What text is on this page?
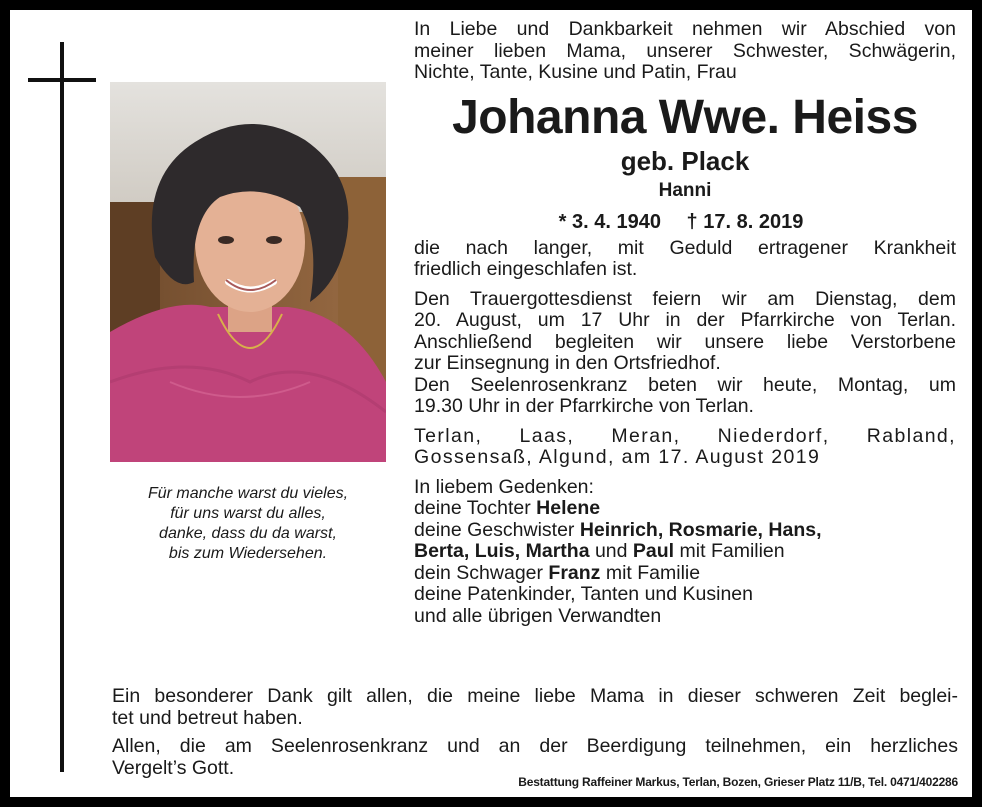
Für manche warst du vieles,
für uns warst du alles,
danke, dass du da warst,
bis zum Wiedersehen.
In Liebe und Dankbarkeit nehmen wir Abschied von
meiner lieben Mama, unserer Schwester, Schwägerin,
Nichte, Tante, Kusine und Patin, Frau
Johanna Wwe. Heiss
geb. Plack
Hanni
* 3. 4. 1940 † 17. 8. 2019
die nach langer, mit Geduld ertragener Krankheit
friedlich eingeschlafen ist.
Den Trauergottesdienst feiern wir am Dienstag, dem
20. August, um 17 Uhr in der Pfarrkirche von Terlan.
Anschließend begleiten wir unsere liebe Verstorbene
zur Einsegnung in den Ortsfriedhof.
Den Seelenrosenkranz beten wir heute, Montag, um
19.30 Uhr in der Pfarrkirche von Terlan.
Terlan, Laas, Meran, Niederdorf, Rabland,
Gossensaß, Algund, am 17. August 2019
In liebem Gedenken:
deine Tochter Helene
deine Geschwister Heinrich, Rosmarie, Hans,
Berta, Luis, Martha und Paul mit Familien
dein Schwager Franz mit Familie
deine Patenkinder, Tanten und Kusinen
und alle übrigen Verwandten
Ein besonderer Dank gilt allen, die meine liebe Mama in dieser schweren Zeit beglei-
tet und betreut haben.
Allen, die am Seelenrosenkranz und an der Beerdigung teilnehmen, ein herzliches
Vergelt’s Gott.
Bestattung Raffeiner Markus, Terlan, Bozen, Grieser Platz 11/B, Tel. 0471/402286
